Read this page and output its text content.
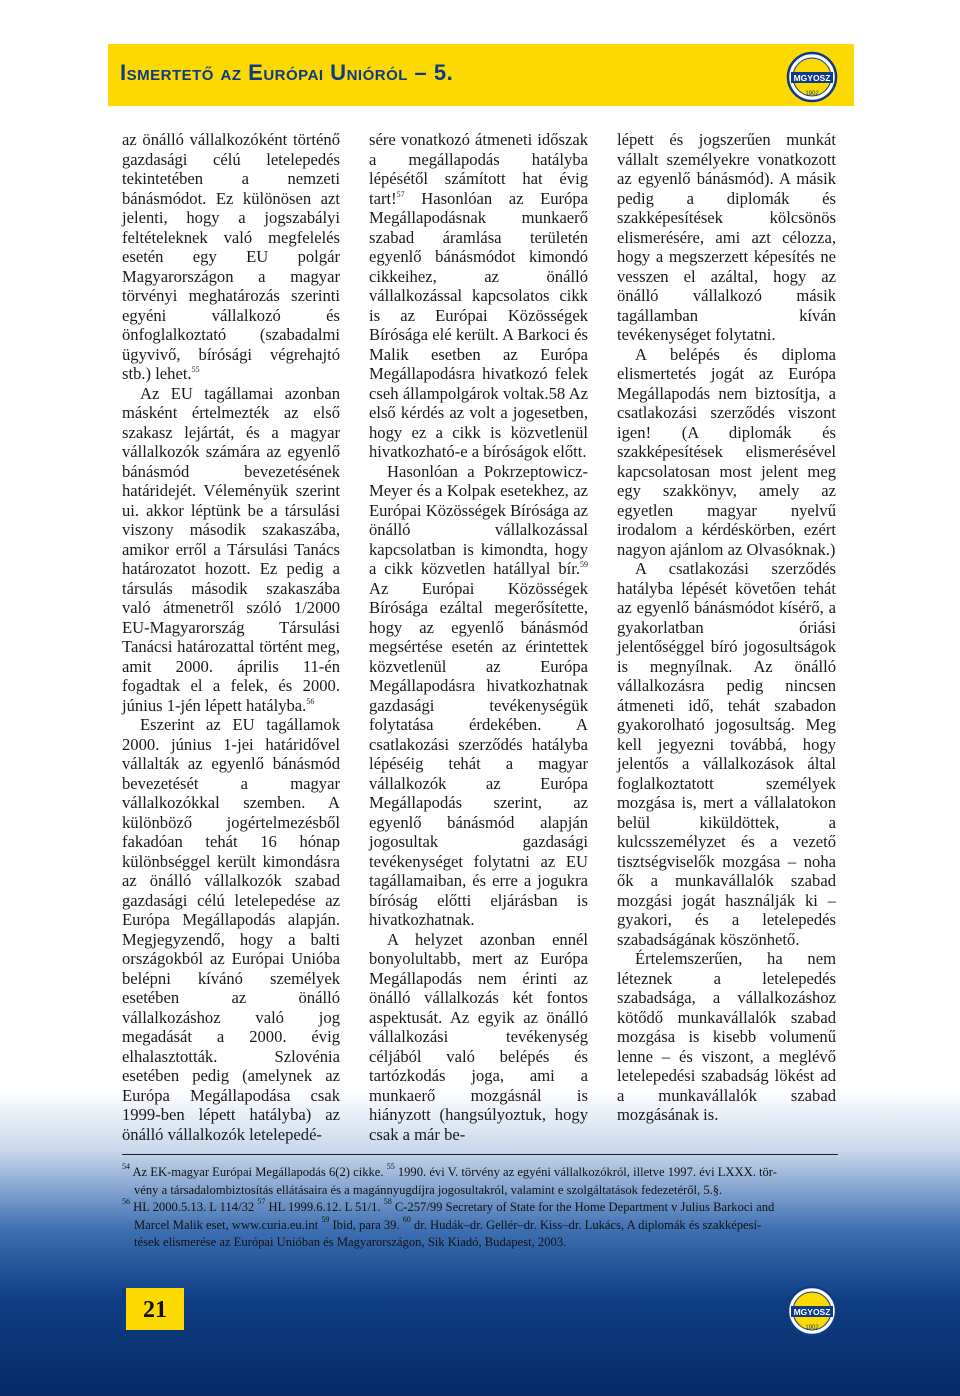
Ismertető az Európai Unióról – 5.	MGYOSZ
1902

az önálló vállalkozóként történő gazdasági célú letelepedés tekintetében a nemzeti bánásmódot. Ez különösen azt jelenti, hogy a jogszabályi feltételeknek való megfelelés esetén egy EU polgár Magyarországon a magyar törvényi meghatározás szerinti egyéni vállalkozó és önfoglalkoztató (szabadalmi ügyvivő, bírósági végrehajtó stb.) lehet.$^{55}$

Az EU tagállamai azonban másként értelmezték az első szakasz lejártát, és a magyar vállalkozók számára az egyenlő bánásmód bevezetésének határidejét. Véleményük szerint ui. akkor léptünk be a társulási viszony második szakaszába, amikor erről a Társulási Tanács határozatot hozott. Ez pedig a társulás második szakaszába való átmenetről szóló 1/2000 EU-Magyarország Társulási Tanácsi határozattal történt meg, amit 2000. április 11-én fogadtak el a felek, és 2000. június 1-jén lépett hatályba.$^{56}$

Eszerint az EU tagállamok 2000. június 1-jei határidővel vállalták az egyenlő bánásmód bevezetését a magyar vállalkozókkal szemben. A különböző jogértelmezésből fakadóan tehát 16 hónap különbséggel került kimondásra az önálló vállalkozók szabad gazdasági célú letelepedése az Európa Megállapodás alapján. Megjegyzendő, hogy a balti országokból az Európai Unióba belépni kívánó személyek esetében az önálló vállalkozáshoz való jog megadását a 2000. évig elhalasztották. Szlovénia esetében pedig (amelynek az Európa Megállapodása csak 1999-ben lépett hatályba) az önálló vállalkozók letelepedé-

sére vonatkozó átmeneti időszak a megállapodás hatályba lépésétől számított hat évig tart!$^{57}$ Hasonlóan az Európa Megállapodásnak munkaerő szabad áramlása területén egyenlő bánásmódot kimondó cikkeihez, az önálló vállalkozással kapcsolatos cikk is az Európai Közösségek Bírósága elé került. A Barkoci és Malik esetben az Európa Megállapodásra hivatkozó felek cseh állampolgárok voltak.58 Az első kérdés az volt a jogesetben, hogy ez a cikk is közvetlenül hivatkozható-e a bíróságok előtt.

Hasonlóan a Pokrzeptowicz-Meyer és a Kolpak esetekhez, az Európai Közösségek Bírósága az önálló vállalkozással kapcsolatban is kimondta, hogy a cikk közvetlen hatállyal bír.$^{59}$ Az Európai Közösségek Bírósága ezáltal megerősítette, hogy az egyenlő bánásmód megsértése esetén az érintettek közvetlenül az Európa Megállapodásra hivatkozhatnak gazdasági tevékenységük folytatása érdekében. A csatlakozási szerződés hatályba lépéséig tehát a magyar vállalkozók az Európa Megállapodás szerint, az egyenlő bánásmód alapján jogosultak gazdasági tevékenységet folytatni az EU tagállamaiban, és erre a jogukra bíróság előtti eljárásban is hivatkozhatnak.

A helyzet azonban ennél bonyolultabb, mert az Európa Megállapodás nem érinti az önálló vállalkozás két fontos aspektusát. Az egyik az önálló vállalkozási tevékenység céljából való belépés és tartózkodás joga, ami a munkaerő mozgásnál is hiányzott (hangsúlyoztuk, hogy csak a már be-

lépett és jogszerűen munkát vállalt személyekre vonatkozott az egyenlő bánásmód). A másik pedig a diplomák és szakképesítések kölcsönös elismerésére, ami azt célozza, hogy a megszerzett képesítés ne vesszen el azáltal, hogy az önálló vállalkozó másik tagállamban kíván tevékenységet folytatni.

A belépés és diploma elismertetés jogát az Európa Megállapodás nem biztosítja, a csatlakozási szerződés viszont igen! (A diplomák és szakképesítések elismerésével kapcsolatosan most jelent meg egy szakkönyv, amely az egyetlen magyar nyelvű irodalom a kérdéskörben, ezért nagyon ajánlom az Olvasóknak.)

A csatlakozási szerződés hatályba lépését követően tehát az egyenlő bánásmódot kísérő, a gyakorlatban óriási jelentőséggel bíró jogosultságok is megnyílnak. Az önálló vállalkozásra pedig nincsen átmeneti idő, tehát szabadon gyakorolható jogosultság. Meg kell jegyezni továbbá, hogy jelentős a vállalkozások által foglalkoztatott személyek mozgása is, mert a vállalatokon belül kiküldöttek, a kulcsszemélyzet és a vezető tisztségviselők mozgása – noha ők a munkavállalók szabad mozgási jogát használják ki – gyakori, és a letelepedés szabadságának köszönhető.

Értelemszerűen, ha nem léteznek a letelepedés szabadsága, a vállalkozáshoz kötődő munkavállalók szabad mozgása is kisebb volumenű lenne – és viszont, a meglévő letelepedési szabadság lökést ad a munkavállalók szabad mozgásának is.

$^{54}$ Az EK-magyar Európai Megállapodás 6(2) cikke. $^{55}$ 1990. évi V. törvény az egyéni vállalkozókról, illetve 1997. évi LXXX. tör-

vény a társadalombiztosítás ellátásaira és a magánnyugdíjra jogosultakról, valamint e szolgáltatások fedezetéről, 5.§.

$^{56}$ HL 2000.5.13. L 114/32 $^{57}$ HL 1999.6.12. L 51/1. $^{58}$ C-257/99 Secretary of State for the Home Department v Julius Barkoci and

Marcel Malik eset, www.curia.eu.int $^{59}$ Ibid, para 39. $^{60}$ dr. Hudák–dr. Gellér–dr. Kiss–dr. Lukács, A diplomák és szakképesí-

tések elismerése az Európai Unióban és Magyarországon, Sik Kiadó, Budapest, 2003.

21	MGYOSZ
1902
